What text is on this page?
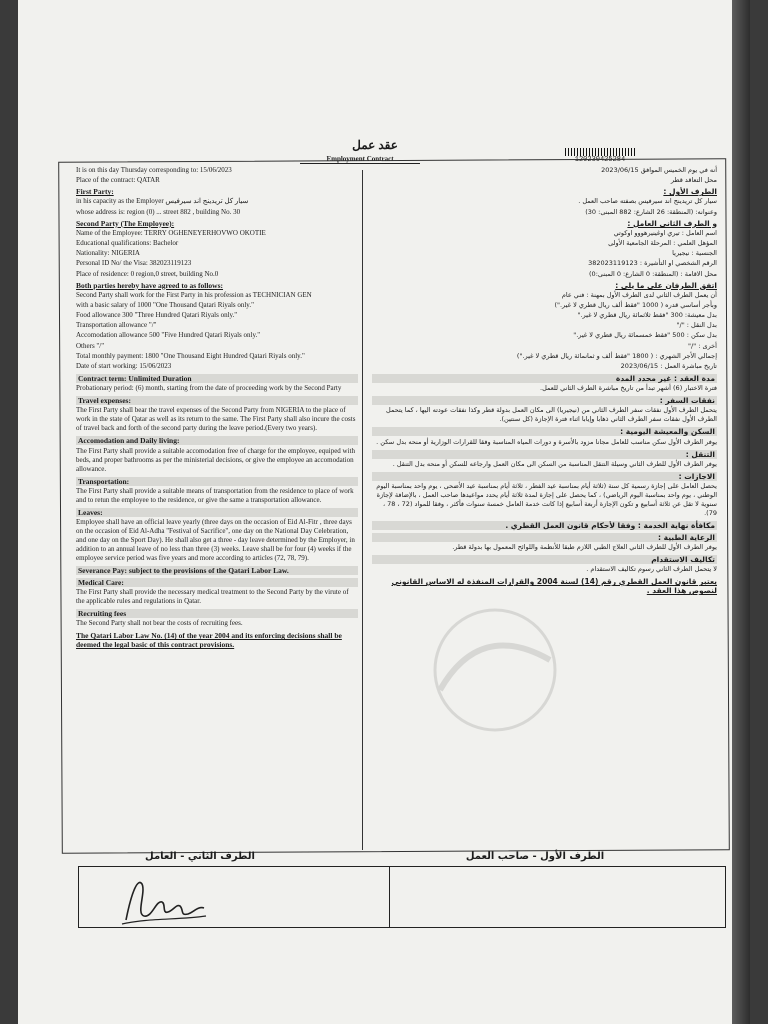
عقد عمل
Employment Contract	120230425284

It is on this day Thursday corresponding to: 15/06/2023

Place of the contract: QATAR

First Party:

in his capacity as the Employer سيار كل تريدينج اند سيرفيس

whose address is: region (0) ... street 882 , building No. 30

Second Party (The Employee):

Name of the Employee: TERRY OGHENEYERHOVWO OKOTIE

Educational qualifications: Bachelor

Nationality: NIGERIA

Personal ID No/ the Visa: 382023119123

Place of residence: 0 region,0 street, building No.0

Both parties hereby have agreed to as follows:

Second Party shall work for the First Party in his profession as TECHNICIAN GEN

with a basic salary of 1000 "One Thousand Qatari Riyals only."

Food allowance 300 "Three Hundred Qatari Riyals only."

Transportation allowance "/"

Accomodation allowance 500 "Five Hundred Qatari Riyals only."

Others "/"

Total monthly payment: 1800 "One Thousand Eight Hundred Qatari Riyals only."

Date of start working: 15/06/2023

Contract term: Unlimited Duration

Probationary period: (6) month, starting from the date of proceeding work by the Second Party

Travel expenses:

The First Party shall bear the travel expenses of the Second Party from NIGERIA to the place of work in the state of Qatar as well as its return to the same. The First Party shall also incure the costs of travel back and forth of the second party during the leave period.(Every two years).

Accomodation and Daily living:

The First Party shall provide a suitable accomodation free of charge for the employee, equiped with beds, and proper bathrooms as per the ministerial decisions, or give the employee an accomodation allowance.

Transportation:

The First Party shall provide a suitable means of transportation from the residence to place of work and to retun the employee to the residence, or give the same a transportation allowance.

Leaves:

Employee shall have an official leave yearly (three days on the occasion of Eid Al-Fitr , three days on the occasion of Eid Al-Adha "Festival of Sacrifice", one day on the National Day Celebration, and one day on the Sport Day). He shall also get a three - day leave determined by the Employer, in addition to an annual leave of no less than three (3) weeks. Leave shall be for four (4) weeks if the employee service period was five years and more according to articles (72, 78, 79).

Severance Pay: subject to the provisions of the Qatari Labor Law.

Medical Care:

The First Party shall provide the necessary medical treatment to the Second Party by the virute of the applicable rules and regulations in Qatar.

Recruiting fees

The Second Party shall not bear the costs of recruiting fees.

The Qatari Labor Law No. (14) of the year 2004 and its enforcing decisions shall be deemed the legal basic of this contract provisions.

أنه في يوم الخميس الموافق 2023/06/15

محل التعاقد قطر

الطرف الأول :

سيار كل تريدينج اند سيرفيس بصفته صاحب العمل .

وعنوانه: (المنطقة: 26 الشارع: 882 المبنى: 30)

و الطرف الثاني العامل :

اسم العامل : تيري اوغينيرهووو اوكوتي

المؤهل العلمي : المرحلة الجامعية الأولى

الجنسية : نيجيريا

الرقم الشخصي او التأشيرة : 382023119123

محل الاقامة : (المنطقة: 0 الشارع: 0 المبنى:0)

اتفق الطرفان على ما يلي :

أن يعمل الطرف الثاني لدى الطرف الأول بمهنة : فني عام

وبأجر أساسي قدره ( 1000 "فقط ألف ريال قطري لا غير.")

بدل معيشة: 300 "فقط ثلاثمائة ريال قطري لا غير."

بدل النقل : "/"

بدل سكن : 500 "فقط خمسمائة ريال قطري لا غير."

أخرى : "/"

إجمالي الأجر الشهري : ( 1800 "فقط ألف و ثمانمائة ريال قطري لا غير.")

تاريخ مباشرة العمل : 2023/06/15

مدة العقد : غير محدد المدة

فترة الاختبار (6) أشهر تبدأ من تاريخ مباشرة الطرف الثاني للعمل.

نفقات السفر :

يتحمل الطرف الأول نفقات سفر الطرف الثاني من (نيجيريا) الى مكان العمل بدولة قطر وكذا نفقات عودته اليها ، كما يتحمل الطرف الأول نفقات سفر الطرف الثاني ذهابا وإيابا اثناء فترة الإجازة (كل سنتين).

السكن والمعيشة اليومية :

يوفر الطرف الأول سكن مناسب للعامل مجانا مزود بالأسرة و دورات المياه المناسبة وفقا للقرارات الوزارية أو منحه بدل سكن .

التنقل :

يوفر الطرف الأول للطرف الثاني وسيلة التنقل المناسبة من السكن الى مكان العمل وارجاعه للسكن أو منحه بدل التنقل .

الاجازات :

يحصل العامل على إجازة رسمية كل سنة (ثلاثة أيام بمناسبة عيد الفطر ، ثلاثة أيام بمناسبة عيد الأضحى ، يوم واحد بمناسبة اليوم الوطني ، يوم واحد بمناسبة اليوم الرياضي) ، كما يحصل على إجازة لمدة ثلاثة أيام يحدد مواعيدها صاحب العمل ، بالإضافة لإجازة سنوية لا تقل عن ثلاثة أسابيع و تكون الإجازة أربعة أسابيع إذا كانت خدمة العامل خمسة سنوات فأكثر ، وفقا للمواد (72 ، 78 ، 79).

مكافأة نهاية الخدمة : وفقا لأحكام قانون العمل القطري .

الرعاية الطبية :

يوفر الطرف الأول للطرف الثاني العلاج الطبي اللازم طبقا للأنظمة واللوائح المعمول بها بدولة قطر.

تكاليف الاستقدام

لا يتحمل الطرف الثاني رسوم تكاليف الاستقدام .

يعتبر قانون العمل القطري رقم (14) لسنة 2004 والقرارات المنفذة له الاساس القانوني لنصوص هذا العقد .

الطرف الثاني - العامل	الطرف الأول - صاحب العمل
